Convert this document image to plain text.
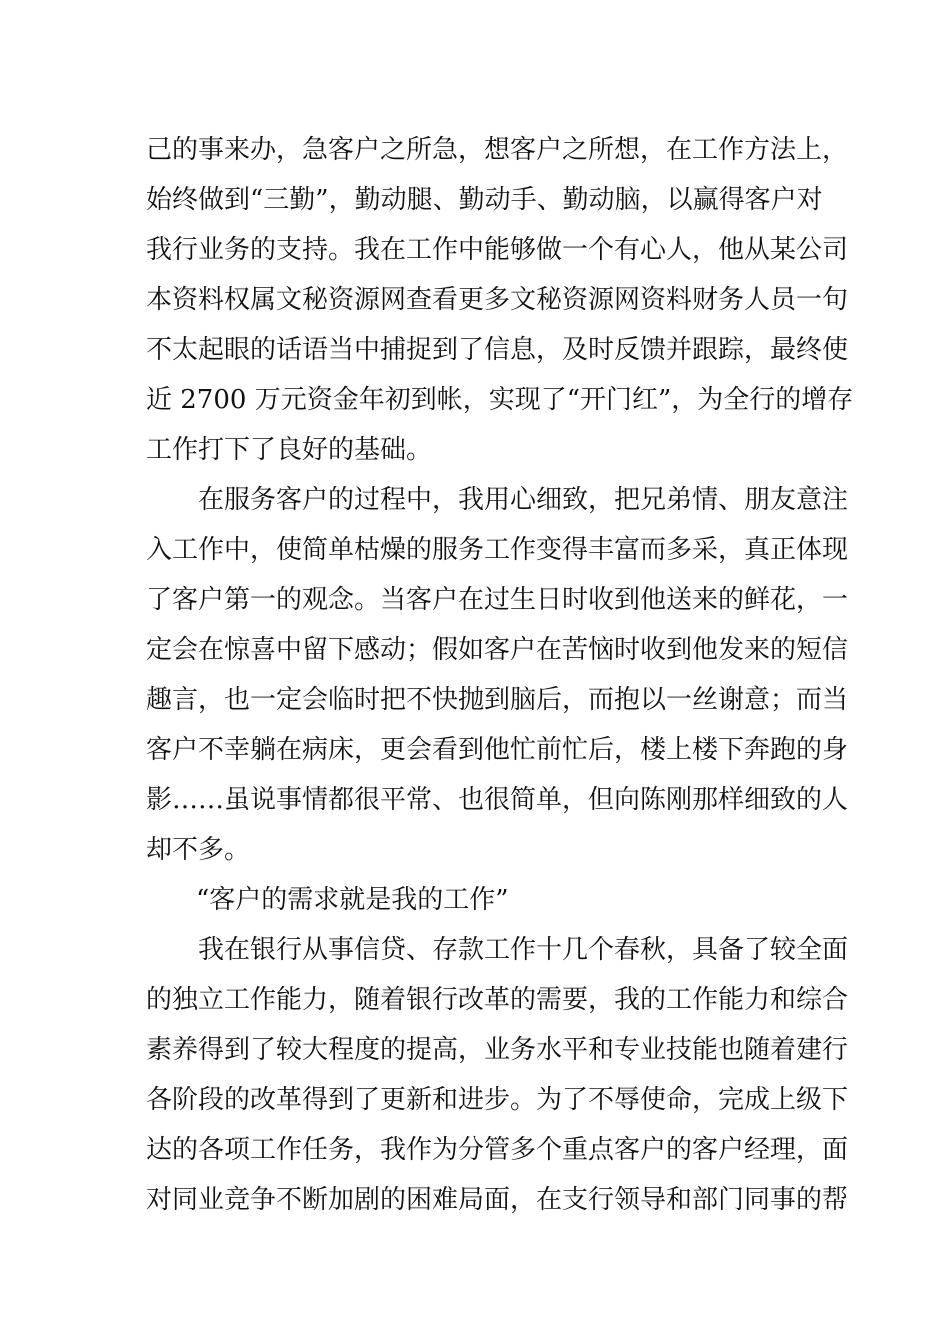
己的事来办，急客户之所急，想客户之所想，在工作方法上，
始终做到“三勤”，勤动腿、勤动手、勤动脑，以赢得客户对
我行业务的支持。我在工作中能够做一个有心人，他从某公司
本资料权属文秘资源网查看更多文秘资源网资料财务人员一句
不太起眼的话语当中捕捉到了信息，及时反馈并跟踪，最终使
近 2700 万元资金年初到帐，实现了“开门红”，为全行的增存
工作打下了良好的基础。
在服务客户的过程中，我用心细致，把兄弟情、朋友意注
入工作中，使简单枯燥的服务工作变得丰富而多采，真正体现
了客户第一的观念。当客户在过生日时收到他送来的鲜花，一
定会在惊喜中留下感动；假如客户在苦恼时收到他发来的短信
趣言，也一定会临时把不快抛到脑后，而抱以一丝谢意；而当
客户不幸躺在病床，更会看到他忙前忙后，楼上楼下奔跑的身
影……虽说事情都很平常、也很简单，但向陈刚那样细致的人
却不多。
“客户的需求就是我的工作”
我在银行从事信贷、存款工作十几个春秋，具备了较全面
的独立工作能力，随着银行改革的需要，我的工作能力和综合
素养得到了较大程度的提高，业务水平和专业技能也随着建行
各阶段的改革得到了更新和进步。为了不辱使命，完成上级下
达的各项工作任务，我作为分管多个重点客户的客户经理，面
对同业竞争不断加剧的困难局面，在支行领导和部门同事的帮
